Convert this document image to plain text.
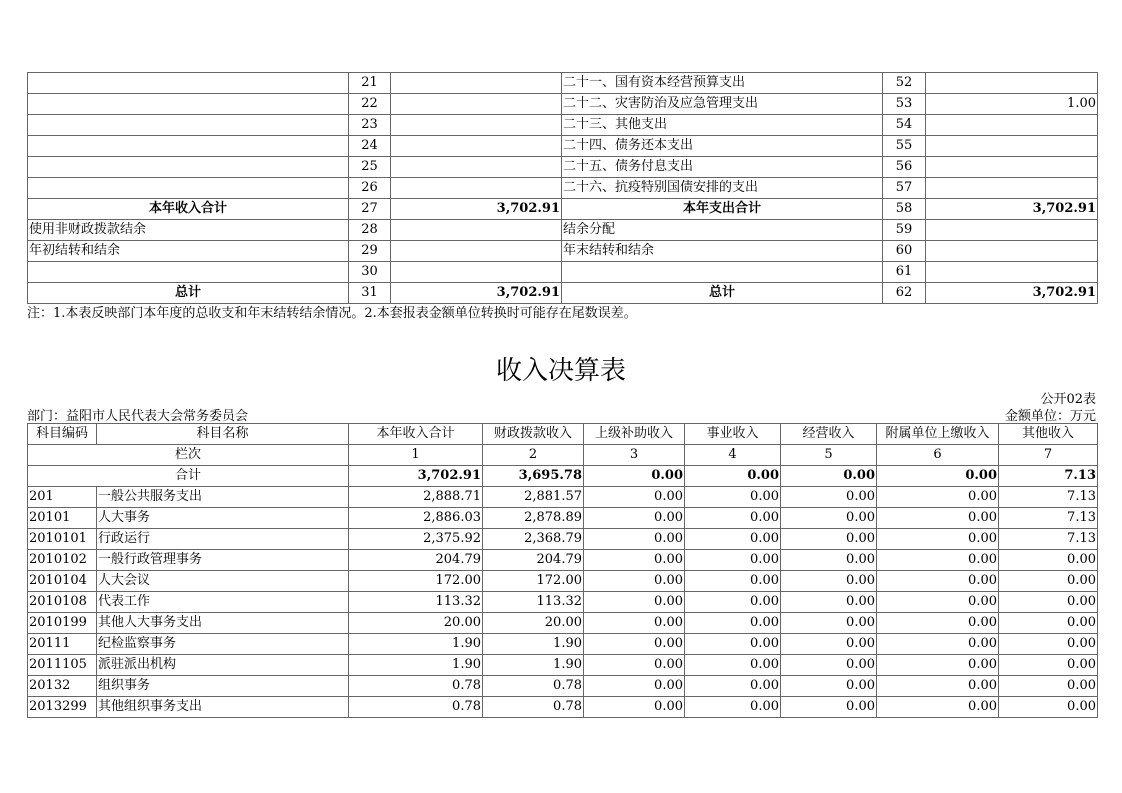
	21		二十一、国有资本经营预算支出	52	
	22		二十二、灾害防治及应急管理支出	53	1.00
	23		二十三、其他支出	54	
	24		二十四、债务还本支出	55	
	25		二十五、债务付息支出	56	
	26		二十六、抗疫特别国债安排的支出	57	
本年收入合计	27	3,702.91	本年支出合计	58	3,702.91
使用非财政拨款结余	28		结余分配	59	
年初结转和结余	29		年末结转和结余	60	
	30			61	
总计	31	3,702.91	总计	62	3,702.91
注：1.本表反映部门本年度的总收支和年末结转结余情况。2.本套报表金额单位转换时可能存在尾数误差。
收入决算表
公开02表
部门：益阳市人民代表大会常务委员会	金额单位：万元
科目编码	科目名称	本年收入合计	财政拨款收入	上级补助收入	事业收入	经营收入	附属单位上缴收入	其他收入
栏次		1	2	3	4	5	6	7
合计		3,702.91	3,695.78	0.00	0.00	0.00	0.00	7.13
201	一般公共服务支出	2,888.71	2,881.57	0.00	0.00	0.00	0.00	7.13
20101	人大事务	2,886.03	2,878.89	0.00	0.00	0.00	0.00	7.13
2010101	行政运行	2,375.92	2,368.79	0.00	0.00	0.00	0.00	7.13
2010102	一般行政管理事务	204.79	204.79	0.00	0.00	0.00	0.00	0.00
2010104	人大会议	172.00	172.00	0.00	0.00	0.00	0.00	0.00
2010108	代表工作	113.32	113.32	0.00	0.00	0.00	0.00	0.00
2010199	其他人大事务支出	20.00	20.00	0.00	0.00	0.00	0.00	0.00
20111	纪检监察事务	1.90	1.90	0.00	0.00	0.00	0.00	0.00
2011105	派驻派出机构	1.90	1.90	0.00	0.00	0.00	0.00	0.00
20132	组织事务	0.78	0.78	0.00	0.00	0.00	0.00	0.00
2013299	其他组织事务支出	0.78	0.78	0.00	0.00	0.00	0.00	0.00
